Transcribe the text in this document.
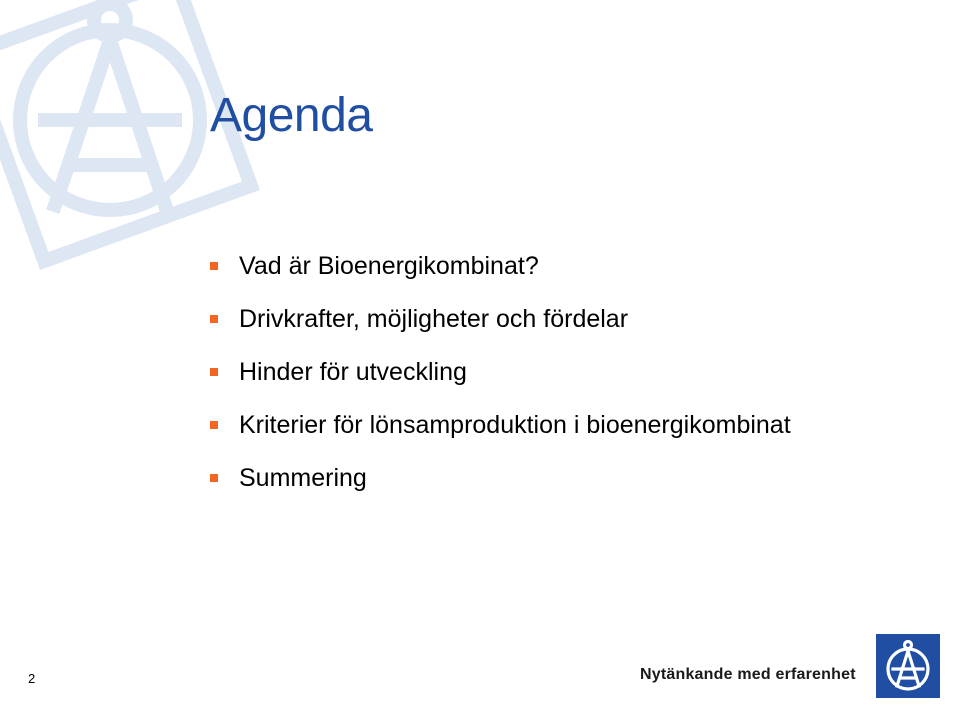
Agenda
Vad är Bioenergikombinat?
Drivkrafter, möjligheter och fördelar
Hinder för utveckling
Kriterier för lönsamproduktion i bioenergikombinat
Summering
2	Nytänkande med erfarenhet
